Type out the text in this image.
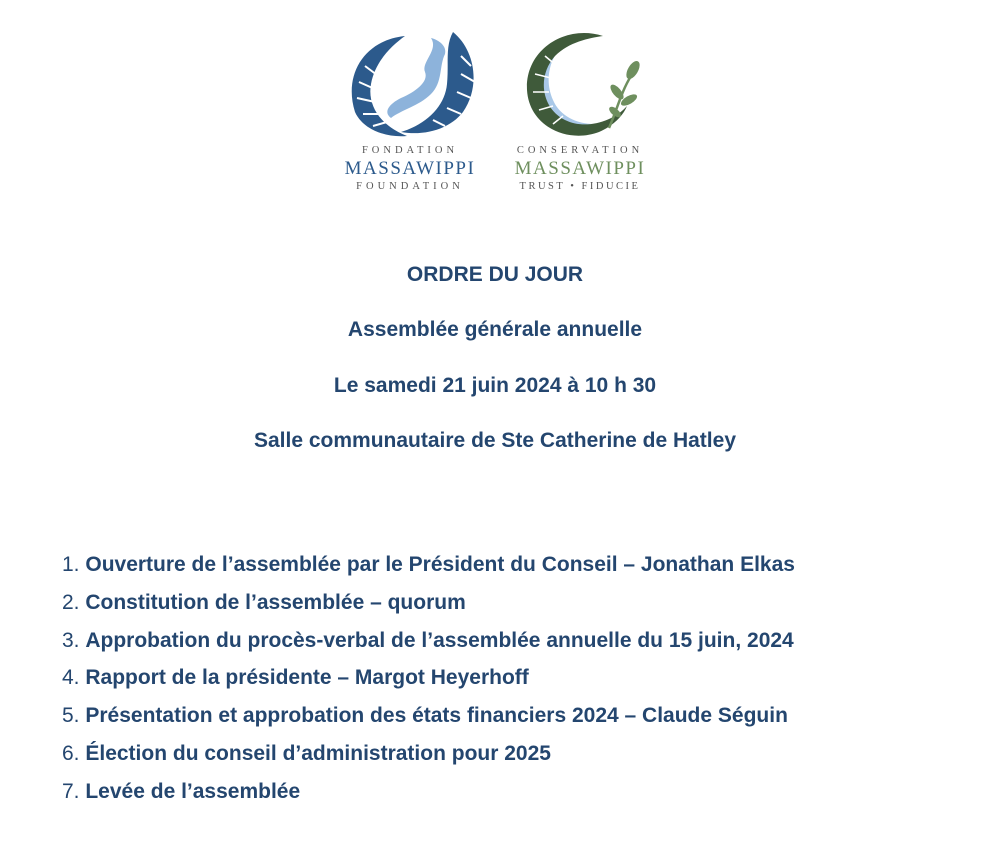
FONDATION
MASSAWIPPI
FOUNDATION
CONSERVATION
MASSAWIPPI
TRUST • FIDUCIE
ORDRE DU JOUR
Assemblée générale annuelle
Le samedi 21 juin 2024 à 10 h 30
Salle communautaire de Ste Catherine de Hatley
1. Ouverture de l’assemblée par le Président du Conseil – Jonathan Elkas
2. Constitution de l’assemblée – quorum
3. Approbation du procès-verbal de l’assemblée annuelle du 15 juin, 2024
4. Rapport de la présidente – Margot Heyerhoff
5. Présentation et approbation des états financiers 2024 – Claude Séguin
6. Élection du conseil d’administration pour 2025
7. Levée de l’assemblée
